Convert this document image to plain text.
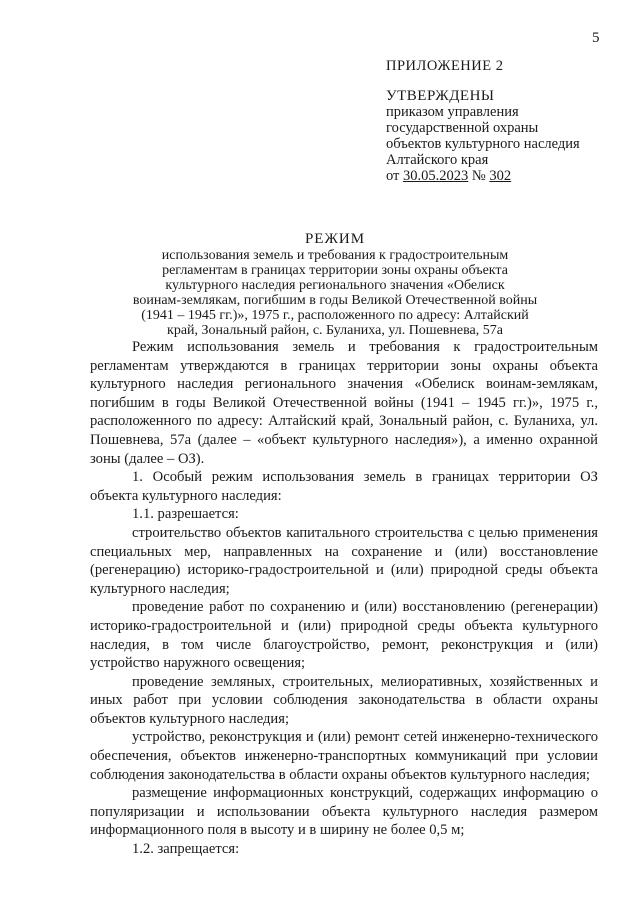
5
ПРИЛОЖЕНИЕ 2
УТВЕРЖДЕНЫ
приказом управления
государственной охраны
объектов культурного наследия
Алтайского края
от 30.05.2023 № 302
РЕЖИМ
использования земель и требования к градостроительным
регламентам в границах территории зоны охраны объекта
культурного наследия регионального значения «Обелиск
воинам-землякам, погибшим в годы Великой Отечественной войны
(1941 – 1945 гг.)», 1975 г., расположенного по адресу: Алтайский
край, Зональный район, с. Буланиха, ул. Пошевнева, 57а

Режим использования земель и требования к градостроительным регламентам утверждаются в границах территории зоны охраны объекта культурного наследия регионального значения «Обелиск воинам-землякам, погибшим в годы Великой Отечественной войны (1941 – 1945 гг.)», 1975 г., расположенного по адресу: Алтайский край, Зональный район, с. Буланиха, ул. Пошевнева, 57а (далее – «объект культурного наследия»), а именно охранной зоны (далее – ОЗ).

1. Особый режим использования земель в границах территории ОЗ объекта культурного наследия:

1.1. разрешается:

строительство объектов капитального строительства с целью применения специальных мер, направленных на сохранение и (или) восстановление (регенерацию) историко-градостроительной и (или) природной среды объекта культурного наследия;

проведение работ по сохранению и (или) восстановлению (регенерации) историко-градостроительной и (или) природной среды объекта культурного наследия, в том числе благоустройство, ремонт, реконструкция и (или) устройство наружного освещения;

проведение земляных, строительных, мелиоративных, хозяйственных и иных работ при условии соблюдения законодательства в области охраны объектов культурного наследия;

устройство, реконструкция и (или) ремонт сетей инженерно-технического обеспечения, объектов инженерно-транспортных коммуникаций при условии соблюдения законодательства в области охраны объектов культурного наследия;

размещение информационных конструкций, содержащих информацию о популяризации и использовании объекта культурного наследия размером информационного поля в высоту и в ширину не более 0,5 м;

1.2. запрещается:
